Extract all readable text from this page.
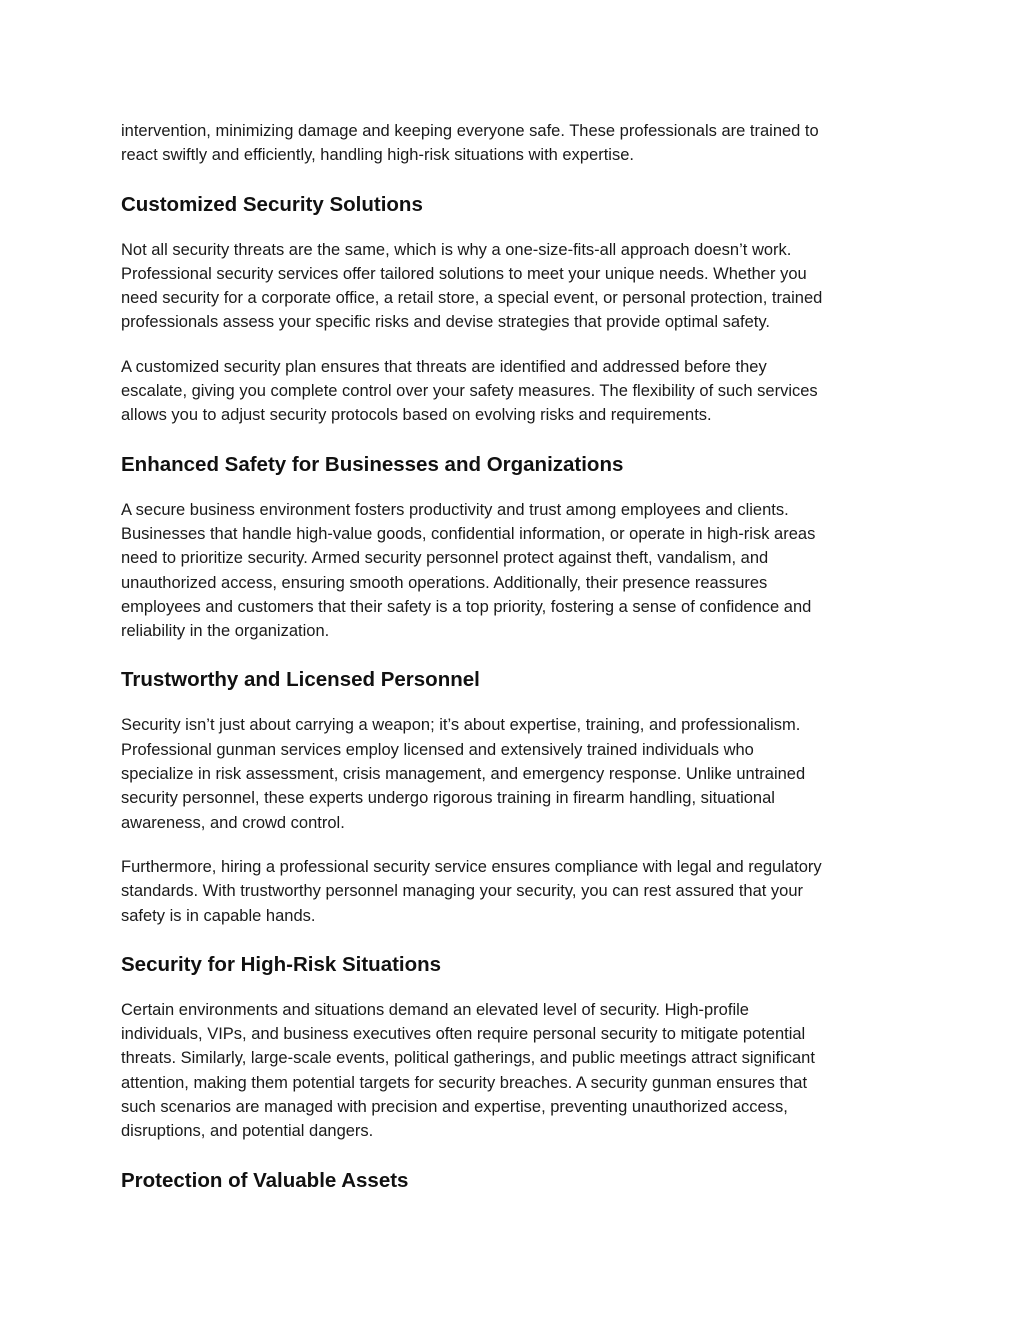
intervention, minimizing damage and keeping everyone safe. These professionals are trained to
react swiftly and efficiently, handling high-risk situations with expertise.

Customized Security Solutions

Not all security threats are the same, which is why a one-size-fits-all approach doesn’t work.
Professional security services offer tailored solutions to meet your unique needs. Whether you
need security for a corporate office, a retail store, a special event, or personal protection, trained
professionals assess your specific risks and devise strategies that provide optimal safety.

A customized security plan ensures that threats are identified and addressed before they
escalate, giving you complete control over your safety measures. The flexibility of such services
allows you to adjust security protocols based on evolving risks and requirements.

Enhanced Safety for Businesses and Organizations

A secure business environment fosters productivity and trust among employees and clients.
Businesses that handle high-value goods, confidential information, or operate in high-risk areas
need to prioritize security. Armed security personnel protect against theft, vandalism, and
unauthorized access, ensuring smooth operations. Additionally, their presence reassures
employees and customers that their safety is a top priority, fostering a sense of confidence and
reliability in the organization.

Trustworthy and Licensed Personnel

Security isn’t just about carrying a weapon; it’s about expertise, training, and professionalism.
Professional gunman services employ licensed and extensively trained individuals who
specialize in risk assessment, crisis management, and emergency response. Unlike untrained
security personnel, these experts undergo rigorous training in firearm handling, situational
awareness, and crowd control.

Furthermore, hiring a professional security service ensures compliance with legal and regulatory
standards. With trustworthy personnel managing your security, you can rest assured that your
safety is in capable hands.

Security for High-Risk Situations

Certain environments and situations demand an elevated level of security. High-profile
individuals, VIPs, and business executives often require personal security to mitigate potential
threats. Similarly, large-scale events, political gatherings, and public meetings attract significant
attention, making them potential targets for security breaches. A security gunman ensures that
such scenarios are managed with precision and expertise, preventing unauthorized access,
disruptions, and potential dangers.

Protection of Valuable Assets
